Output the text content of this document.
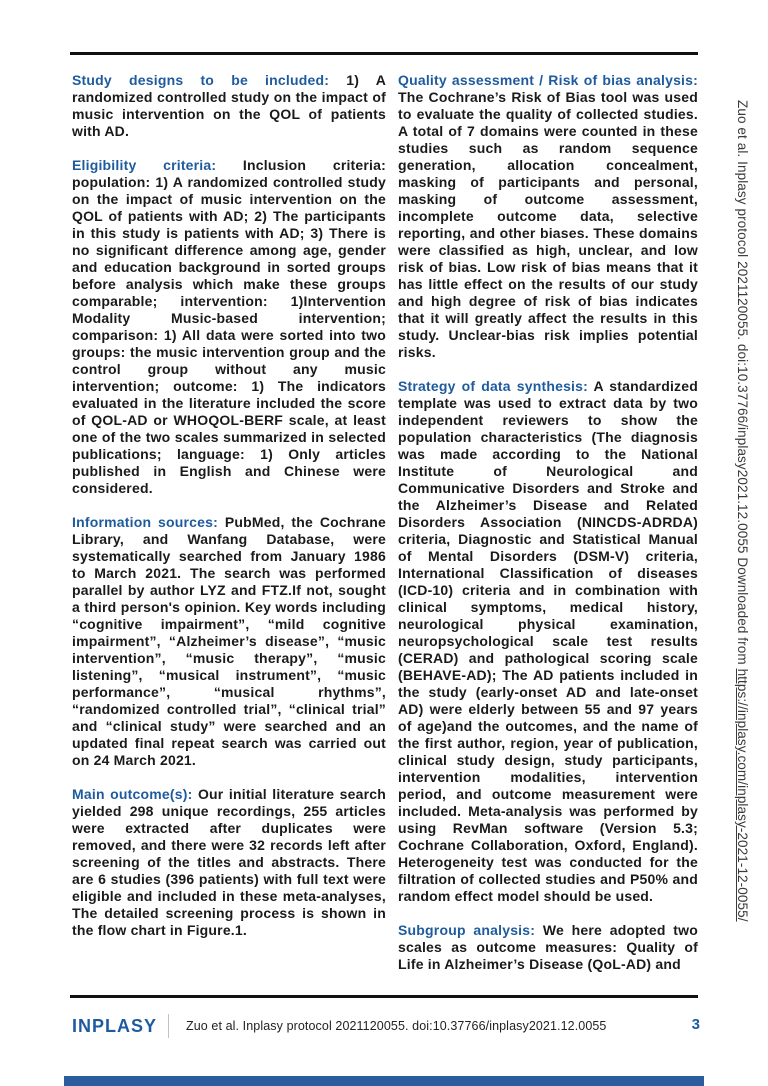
Study designs to be included: 1) A randomized controlled study on the impact of music intervention on the QOL of patients with AD.

Eligibility criteria: Inclusion criteria: population: 1) A randomized controlled study on the impact of music intervention on the QOL of patients with AD; 2) The participants in this study is patients with AD; 3) There is no significant difference among age, gender and education background in sorted groups before analysis which make these groups comparable; intervention: 1)Intervention Modality Music-based intervention; comparison: 1) All data were sorted into two groups: the music intervention group and the control group without any music intervention; outcome: 1) The indicators evaluated in the literature included the score of QOL-AD or WHOQOL-BERF scale, at least one of the two scales summarized in selected publications; language: 1) Only articles published in English and Chinese were considered.

Information sources: PubMed, the Cochrane Library, and Wanfang Database, were systematically searched from January 1986 to March 2021. The search was performed parallel by author LYZ and FTZ.If not, sought a third person's opinion. Key words including “cognitive impairment”, “mild cognitive impairment”, “Alzheimer’s disease”, “music intervention”, “music therapy”, “music listening”, “musical instrument”, “music performance”, “musical rhythms”, “randomized controlled trial”, “clinical trial” and “clinical study” were searched and an updated final repeat search was carried out on 24 March 2021.

Main outcome(s): Our initial literature search yielded 298 unique recordings, 255 articles were extracted after duplicates were removed, and there were 32 records left after screening of the titles and abstracts. There are 6 studies (396 patients) with full text were eligible and included in these meta-analyses, The detailed screening process is shown in the flow chart in Figure.1.

Quality assessment / Risk of bias analysis: The Cochrane’s Risk of Bias tool was used to evaluate the quality of collected studies. A total of 7 domains were counted in these studies such as random sequence generation, allocation concealment, masking of participants and personal, masking of outcome assessment, incomplete outcome data, selective reporting, and other biases. These domains were classified as high, unclear, and low risk of bias. Low risk of bias means that it has little effect on the results of our study and high degree of risk of bias indicates that it will greatly affect the results in this study. Unclear-bias risk implies potential risks.

Strategy of data synthesis: A standardized template was used to extract data by two independent reviewers to show the population characteristics (The diagnosis was made according to the National Institute of Neurological and Communicative Disorders and Stroke and the Alzheimer’s Disease and Related Disorders Association (NINCDS-ADRDA) criteria, Diagnostic and Statistical Manual of Mental Disorders (DSM-V) criteria, International Classification of diseases (ICD-10) criteria and in combination with clinical symptoms, medical history, neurological physical examination, neuropsychological scale test results (CERAD) and pathological scoring scale (BEHAVE-AD); The AD patients included in the study (early-onset AD and late-onset AD) were elderly between 55 and 97 years of age)and the outcomes, and the name of the first author, region, year of publication, clinical study design, study participants, intervention modalities, intervention period, and outcome measurement were included. Meta-analysis was performed by using RevMan software (Version 5.3; Cochrane Collaboration, Oxford, England). Heterogeneity test was conducted for the filtration of collected studies and P50% and random effect model should be used.

Subgroup analysis: We here adopted two scales as outcome measures: Quality of Life in Alzheimer’s Disease (QoL-AD) and

Zuo et al. Inplasy protocol 2021120055. doi:10.37766/inplasy2021.12.0055 Downloaded from https://inplasy.com/inplasy-2021-12-0055/
INPLASY Zuo et al. Inplasy protocol 2021120055. doi:10.37766/inplasy2021.12.0055	3
